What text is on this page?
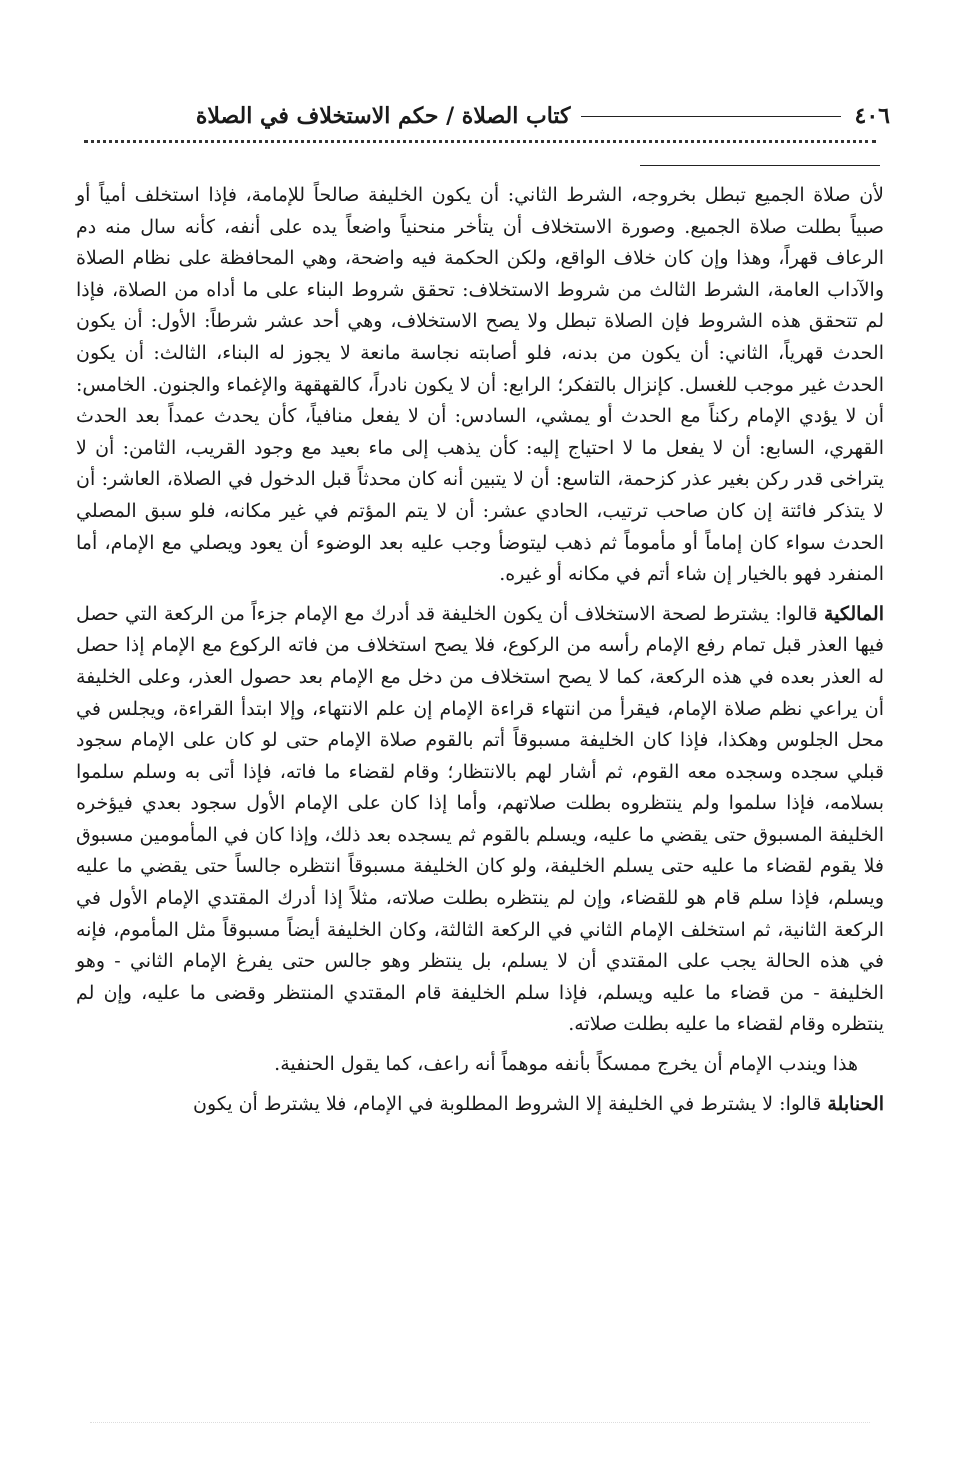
٤٠٦
كتاب الصلاة / حكم الاستخلاف في الصلاة

لأن صلاة الجميع تبطل بخروجه، الشرط الثاني: أن يكون الخليفة صالحاً للإمامة، فإذا استخلف أمياً أو صبياً بطلت صلاة الجميع. وصورة الاستخلاف أن يتأخر منحنياً واضعاً يده على أنفه، كأنه سال منه دم الرعاف قهراً، وهذا وإن كان خلاف الواقع، ولكن الحكمة فيه واضحة، وهي المحافظة على نظام الصلاة والآداب العامة، الشرط الثالث من شروط الاستخلاف: تحقق شروط البناء على ما أداه من الصلاة، فإذا لم تتحقق هذه الشروط فإن الصلاة تبطل ولا يصح الاستخلاف، وهي أحد عشر شرطاً: الأول: أن يكون الحدث قهرياً، الثاني: أن يكون من بدنه، فلو أصابته نجاسة مانعة لا يجوز له البناء، الثالث: أن يكون الحدث غير موجب للغسل. كإنزال بالتفكر؛ الرابع: أن لا يكون نادراً، كالقهقهة والإغماء والجنون. الخامس: أن لا يؤدي الإمام ركناً مع الحدث أو يمشي، السادس: أن لا يفعل منافياً، كأن يحدث عمداً بعد الحدث القهري، السابع: أن لا يفعل ما لا احتياج إليه: كأن يذهب إلى ماء بعيد مع وجود القريب، الثامن: أن لا يتراخى قدر ركن بغير عذر كزحمة، التاسع: أن لا يتبين أنه كان محدثاً قبل الدخول في الصلاة، العاشر: أن لا يتذكر فائتة إن كان صاحب ترتيب، الحادي عشر: أن لا يتم المؤتم في غير مكانه، فلو سبق المصلي الحدث سواء كان إماماً أو مأموماً ثم ذهب ليتوضأ وجب عليه بعد الوضوء أن يعود ويصلي مع الإمام، أما المنفرد فهو بالخيار إن شاء أتم في مكانه أو غيره.

المالكية قالوا: يشترط لصحة الاستخلاف أن يكون الخليفة قد أدرك مع الإمام جزءاً من الركعة التي حصل فيها العذر قبل تمام رفع الإمام رأسه من الركوع، فلا يصح استخلاف من فاته الركوع مع الإمام إذا حصل له العذر بعده في هذه الركعة، كما لا يصح استخلاف من دخل مع الإمام بعد حصول العذر، وعلى الخليفة أن يراعي نظم صلاة الإمام، فيقرأ من انتهاء قراءة الإمام إن علم الانتهاء، وإلا ابتدأ القراءة، ويجلس في محل الجلوس وهكذا، فإذا كان الخليفة مسبوقاً أتم بالقوم صلاة الإمام حتى لو كان على الإمام سجود قبلي سجده وسجده معه القوم، ثم أشار لهم بالانتظار؛ وقام لقضاء ما فاته، فإذا أتى به وسلم سلموا بسلامه، فإذا سلموا ولم ينتظروه بطلت صلاتهم، وأما إذا كان على الإمام الأول سجود بعدي فيؤخره الخليفة المسبوق حتى يقضي ما عليه، ويسلم بالقوم ثم يسجده بعد ذلك، وإذا كان في المأمومين مسبوق فلا يقوم لقضاء ما عليه حتى يسلم الخليفة، ولو كان الخليفة مسبوقاً انتظره جالساً حتى يقضي ما عليه ويسلم، فإذا سلم قام هو للقضاء، وإن لم ينتظره بطلت صلاته، مثلاً إذا أدرك المقتدي الإمام الأول في الركعة الثانية، ثم استخلف الإمام الثاني في الركعة الثالثة، وكان الخليفة أيضاً مسبوقاً مثل المأموم، فإنه في هذه الحالة يجب على المقتدي أن لا يسلم، بل ينتظر وهو جالس حتى يفرغ الإمام الثاني - وهو الخليفة - من قضاء ما عليه ويسلم، فإذا سلم الخليفة قام المقتدي المنتظر وقضى ما عليه، وإن لم ينتظره وقام لقضاء ما عليه بطلت صلاته.

هذا ويندب الإمام أن يخرج ممسكاً بأنفه موهماً أنه راعف، كما يقول الحنفية.

الحنابلة قالوا: لا يشترط في الخليفة إلا الشروط المطلوبة في الإمام، فلا يشترط أن يكون
